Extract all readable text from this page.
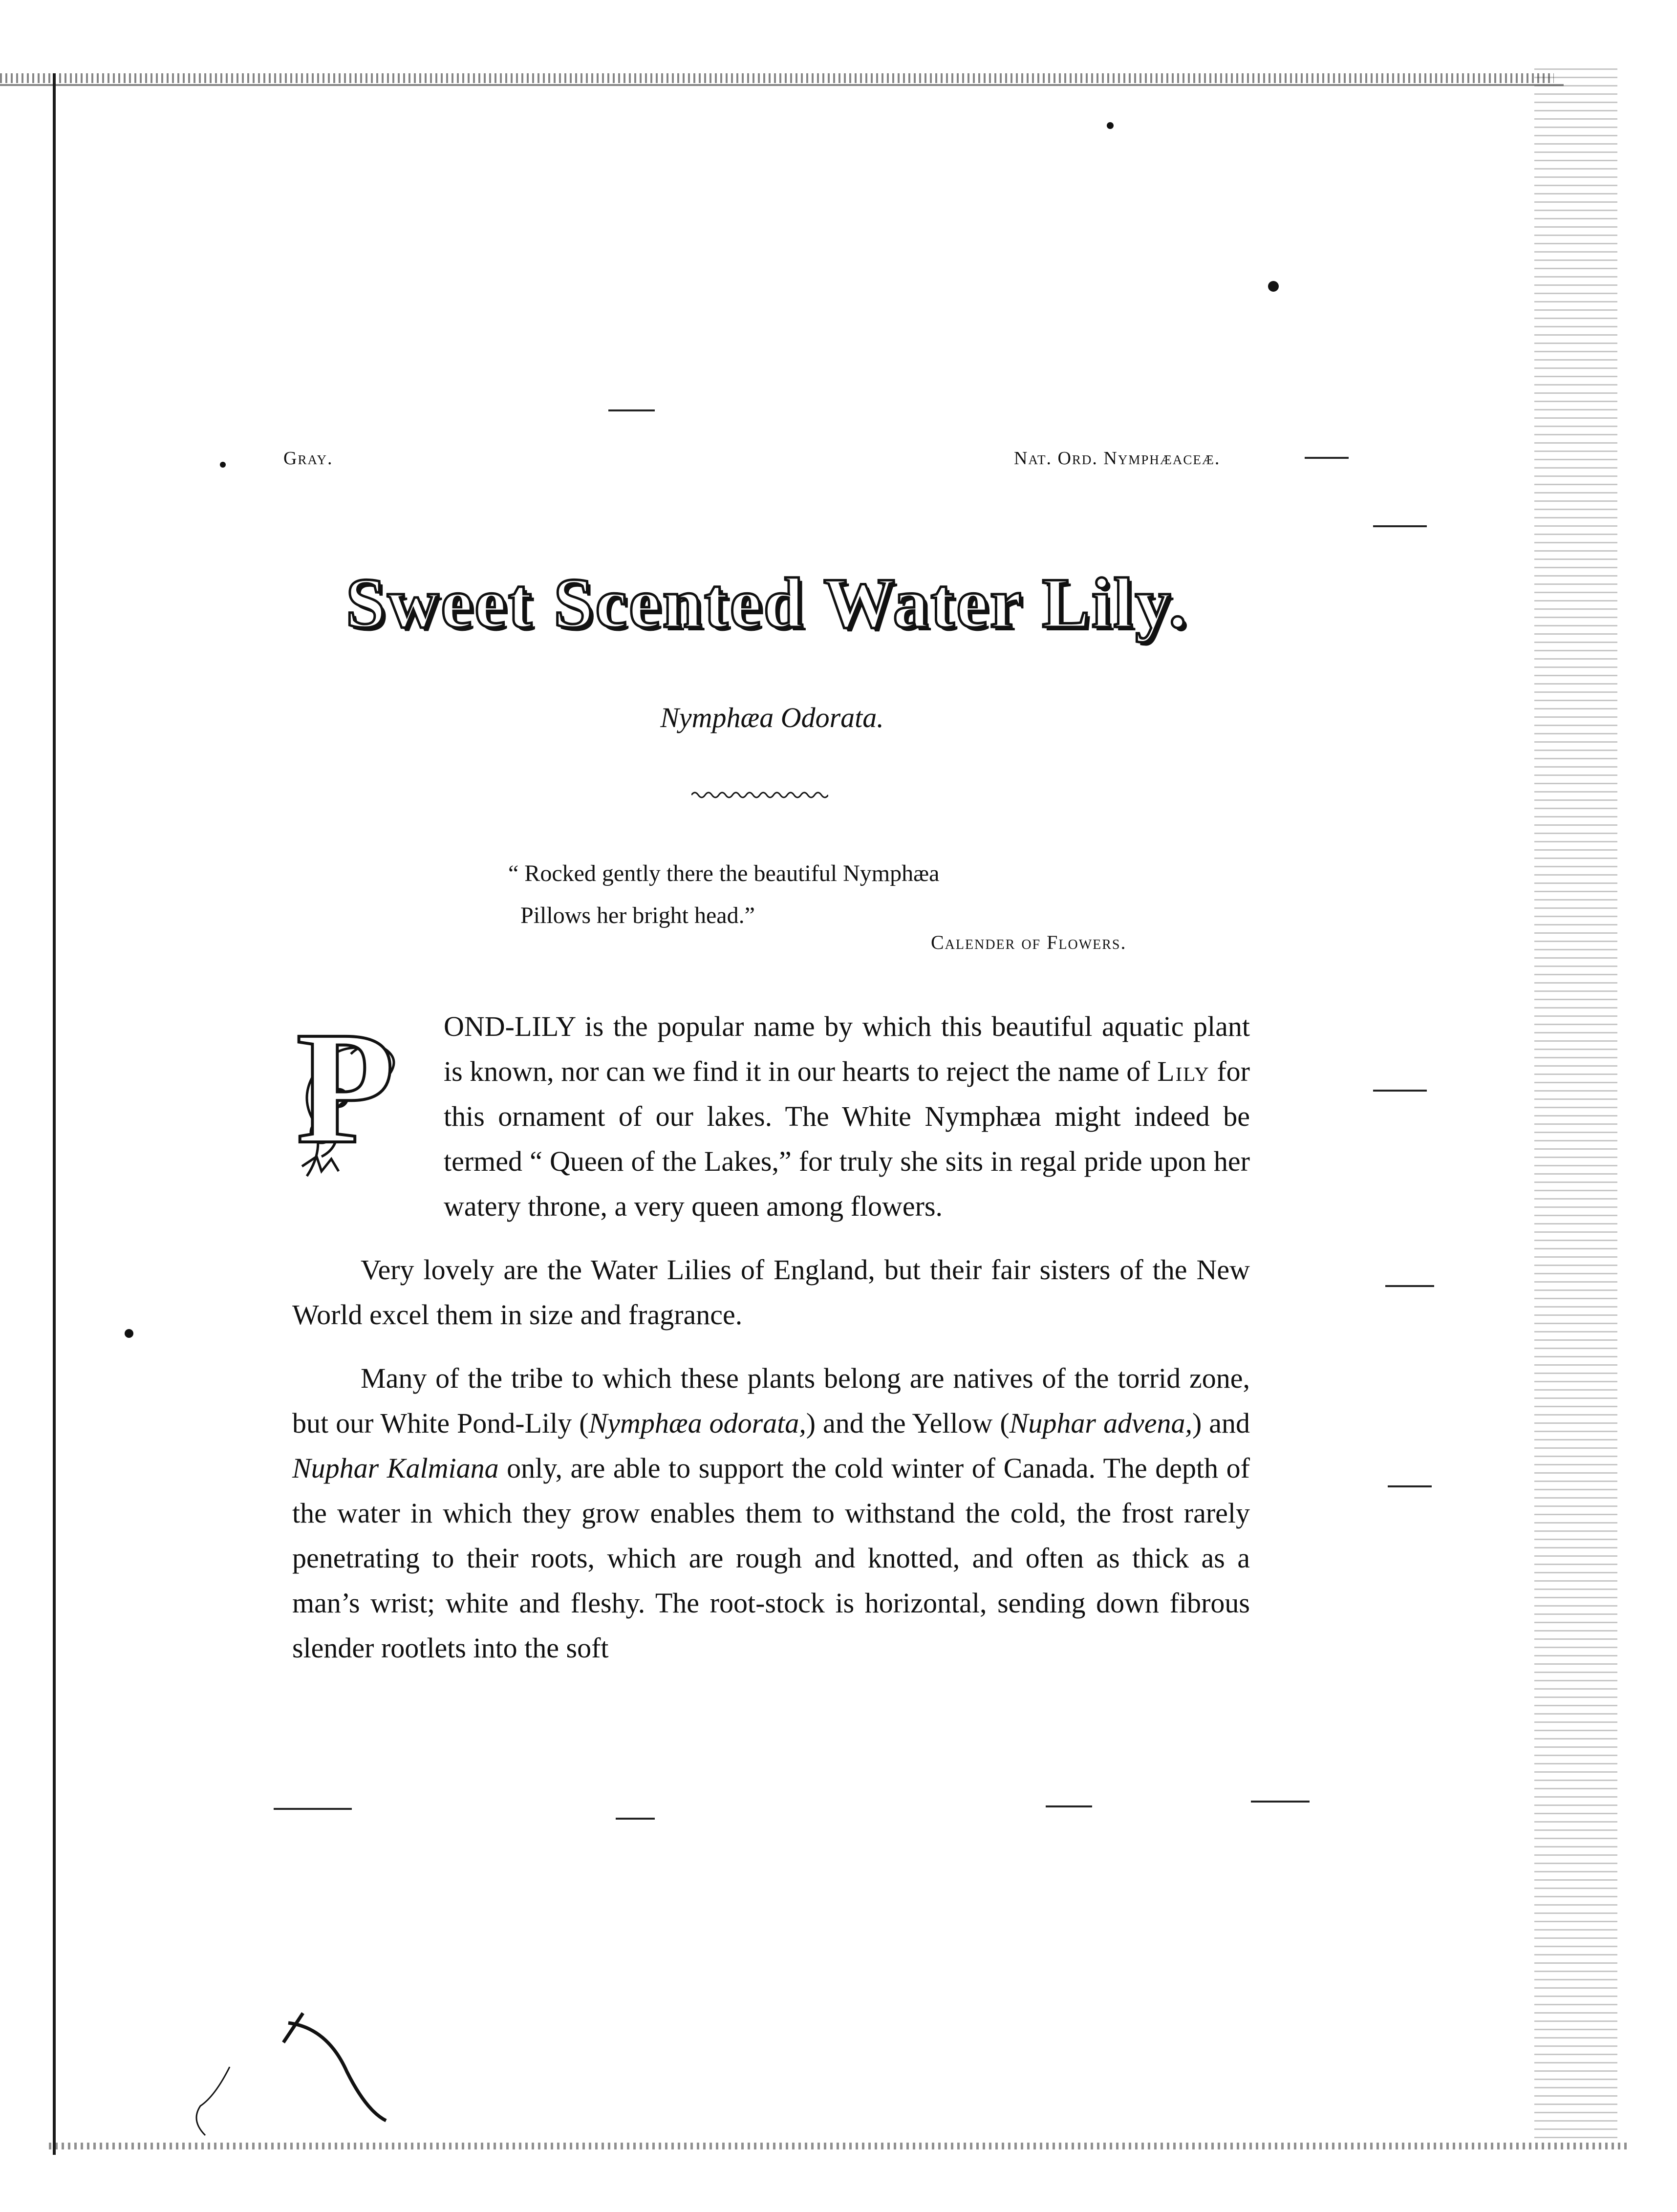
Gray.	Nat. Ord. Nymphæaceæ.
Sweet Scented Water Lily.
Nymphæa Odorata.
“ Rocked gently there the beautiful Nymphæa
Pillows her bright head.”
Calender of Flowers.

P OND-LILY is the popular name by which this beautiful aquatic plant is known, nor can we find it in our hearts to reject the name of Lily for this ornament of our lakes. The White Nymphæa might indeed be termed “ Queen of the Lakes,” for truly she sits in regal pride upon her watery throne, a very queen among flowers.

Very lovely are the Water Lilies of England, but their fair sisters of the New World excel them in size and fragrance.

Many of the tribe to which these plants belong are natives of the torrid zone, but our White Pond-Lily (Nymphæa odorata,) and the Yellow (Nuphar advena,) and Nuphar Kalmiana only, are able to support the cold winter of Canada. The depth of the water in which they grow enables them to withstand the cold, the frost rarely penetrating to their roots, which are rough and knotted, and often as thick as a man’s wrist; white and fleshy. The root-stock is horizontal, sending down fibrous slender rootlets into the soft
